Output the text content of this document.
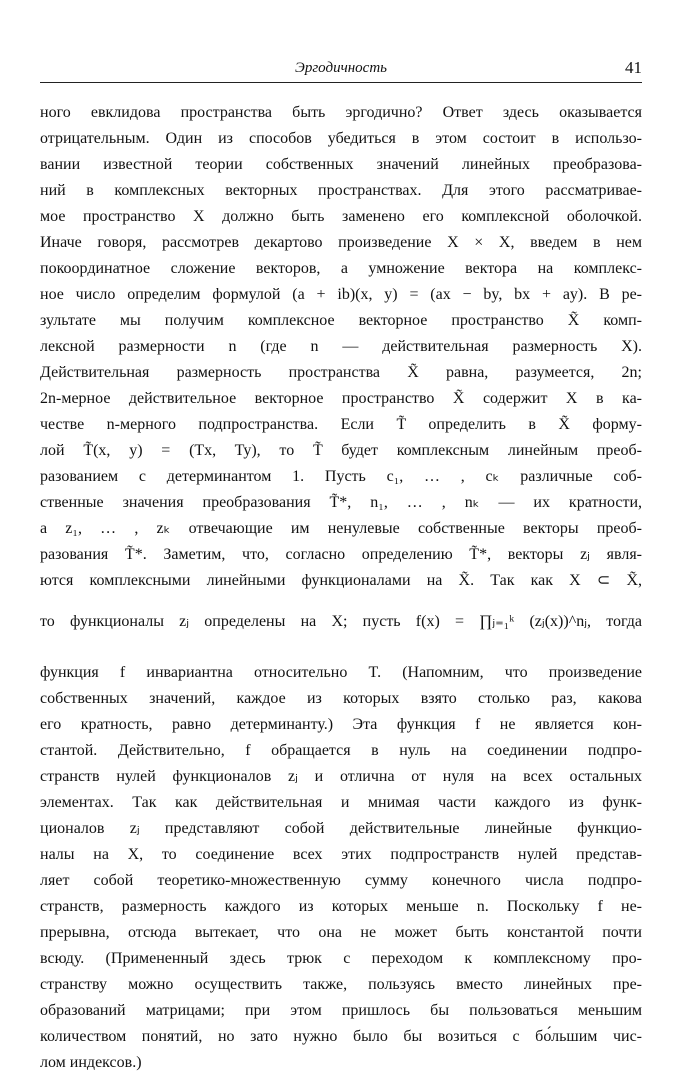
Эргодичность	41
ного евклидова пространства быть эргодично? Ответ здесь оказывается
отрицательным. Один из способов убедиться в этом состоит в использо-
вании известной теории собственных значений линейных преобразова-
ний в комплексных векторных пространствах. Для этого рассматривае-
мое пространство X должно быть заменено его комплексной оболочкой.
Иначе говоря, рассмотрев декартово произведение X × X, введем в нем
покоординатное сложение векторов, а умножение вектора на комплекс-
ное число определим формулой (a + ib)(x, y) = (ax − by, bx + ay). В ре-
зультате мы получим комплексное векторное пространство X̃ комп-
лексной размерности n (где n — действительная размерность X).
Действительная размерность пространства X̃ равна, разумеется, 2n;
2n-мерное действительное векторное пространство X̃ содержит X в ка-
честве n-мерного подпространства. Если T̃ определить в X̃ форму-
лой T̃(x, y) = (Tx, Ty), то T̃ будет комплексным линейным преоб-
разованием с детерминантом 1. Пусть c₁, … , cₖ различные соб-
ственные значения преобразования T̃*, n₁, … , nₖ — их кратности,
а z₁, … , zₖ отвечающие им ненулевые собственные векторы преоб-
разования T̃*. Заметим, что, согласно определению T̃*, векторы zⱼ явля-
ются комплексными линейными функционалами на X̃. Так как X ⊂ X̃,
то функционалы zⱼ определены на X; пусть f(x) = ∏ⱼ₌₁ᵏ (zⱼ(x))^nⱼ, тогда
функция f инвариантна относительно T. (Напомним, что произведение
собственных значений, каждое из которых взято столько раз, какова
его кратность, равно детерминанту.) Эта функция f не является кон-
стантой. Действительно, f обращается в нуль на соединении подпро-
странств нулей функционалов zⱼ и отлична от нуля на всех остальных
элементах. Так как действительная и мнимая части каждого из функ-
ционалов zⱼ представляют собой действительные линейные функцио-
налы на X, то соединение всех этих подпространств нулей представ-
ляет собой теоретико-множественную сумму конечного числа подпро-
странств, размерность каждого из которых меньше n. Поскольку f не-
прерывна, отсюда вытекает, что она не может быть константой почти
всюду. (Примененный здесь трюк с переходом к комплексному про-
странству можно осуществить также, пользуясь вместо линейных пре-
образований матрицами; при этом пришлось бы пользоваться меньшим
количеством понятий, но зато нужно было бы возиться с бо́льшим чис-
лом индексов.)
